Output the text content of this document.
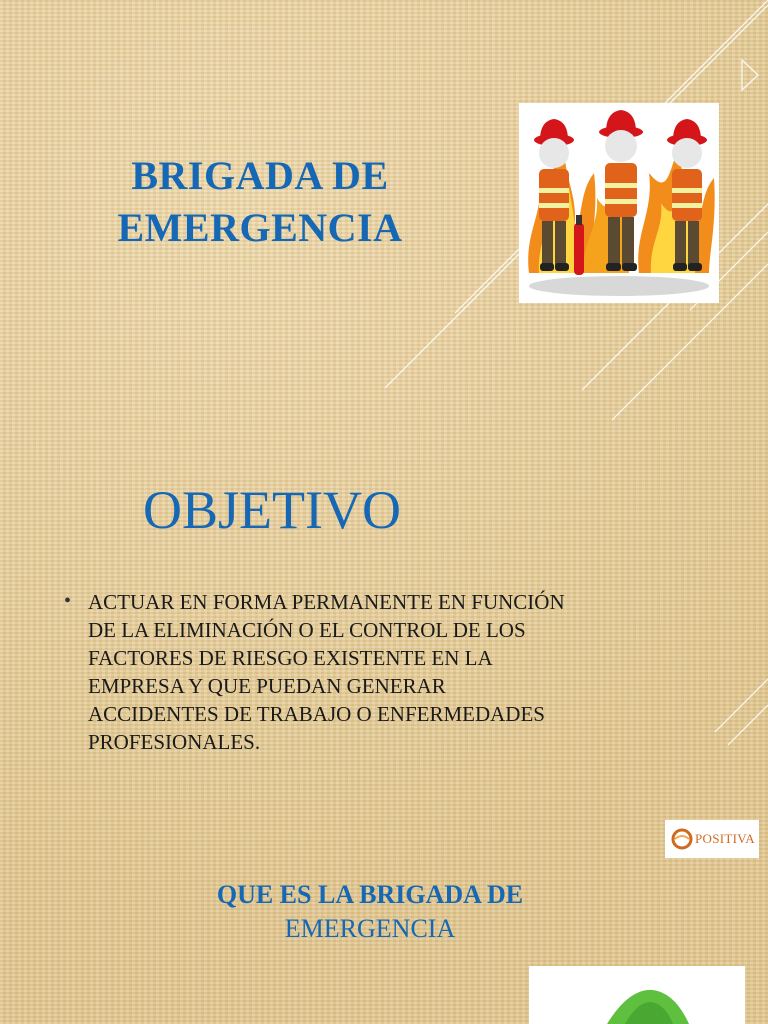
BRIGADA DE
EMERGENCIA
OBJETIVO
• ACTUAR EN FORMA PERMANENTE EN FUNCIÓN
DE LA ELIMINACIÓN O EL CONTROL DE LOS
FACTORES DE RIESGO EXISTENTE EN LA
EMPRESA Y QUE PUEDAN GENERAR
ACCIDENTES DE TRABAJO O ENFERMEDADES
PROFESIONALES.
POSITIVA
QUE ES LA BRIGADA DE
EMERGENCIA
